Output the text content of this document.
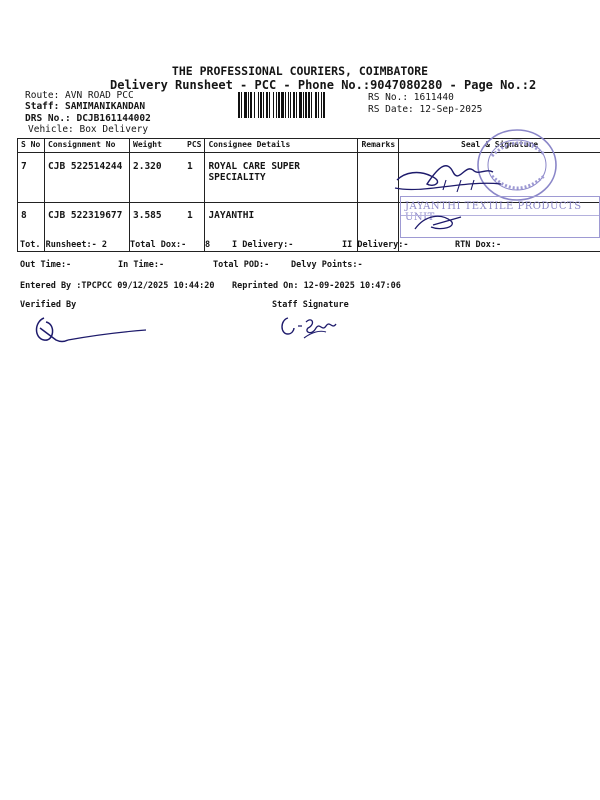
THE PROFESSIONAL COURIERS, COIMBATORE
Delivery Runsheet - PCC - Phone No.:9047080280 - Page No.:2
Route: AVN ROAD PCC
Staff: SAMIMANIKANDAN
DRS No.: DCJB161144002
Vehicle: Box Delivery
RS No.: 1611440
RS Date: 12-Sep-2025
S No	Consignment No	Weight	PCS	Consignee Details	Remarks	Seal & Signature
7	CJB 522514244	2.320	1	ROYAL CARE SUPER SPECIALITY		
8	CJB 522319677	3.585	1	JAYANTHI		
JAYANTHI TEXTILE PRODUCTS UNIT
Tot. Runsheet:- 2	Total Dox:- 8	I Delivery:-	II Delivery:-	RTN Dox:-
Out Time:-	In Time:-	Total POD:-	Delvy Points:-
Entered By :TPCPCC 09/12/2025 10:44:20 Reprinted On: 12-09-2025 10:47:06
Verified By	Staff Signature
